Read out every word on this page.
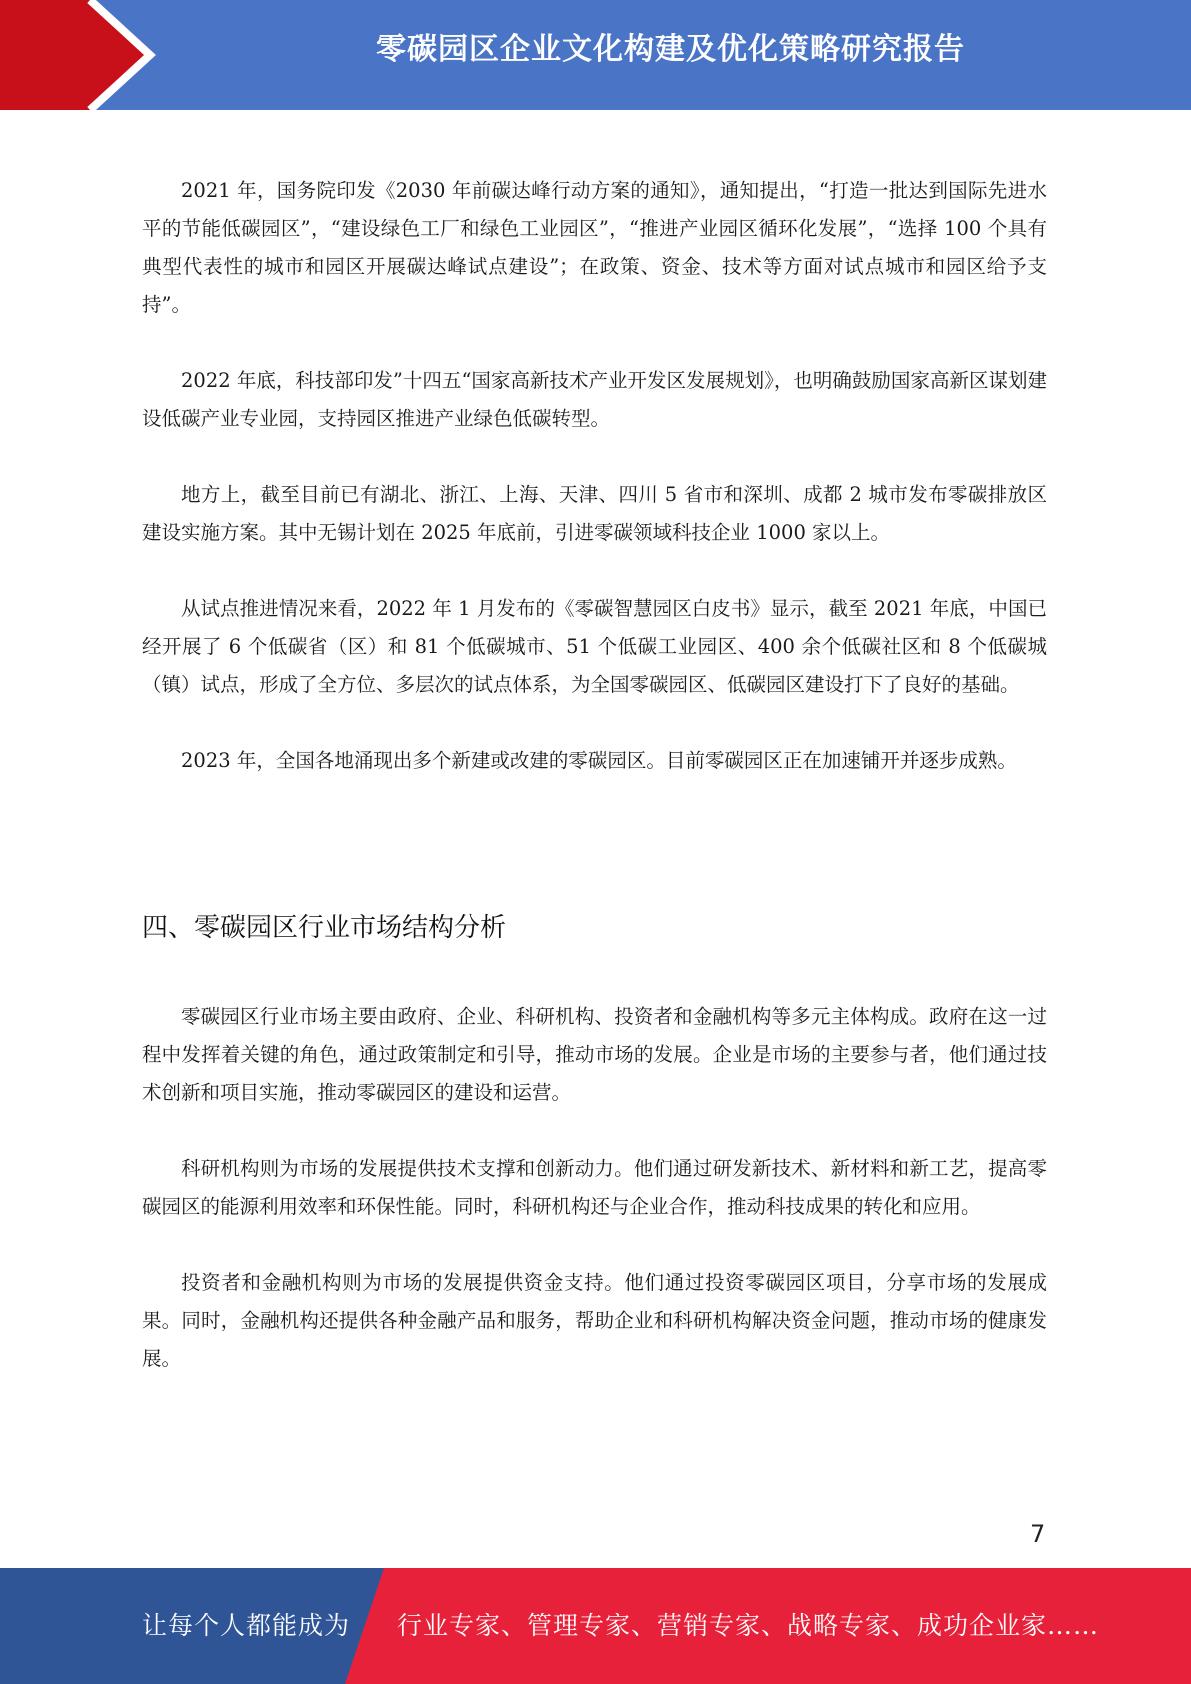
零碳园区企业文化构建及优化策略研究报告

2021 年，国务院印发《2030 年前碳达峰行动方案的通知》，通知提出，“打造一批达到国际先进水平的节能低碳园区”，“建设绿色工厂和绿色工业园区”，“推进产业园区循环化发展”，“选择 100 个具有典型代表性的城市和园区开展碳达峰试点建设”；在政策、资金、技术等方面对试点城市和园区给予支持”。

2022 年底，科技部印发”十四五“国家高新技术产业开发区发展规划》，也明确鼓励国家高新区谋划建设低碳产业专业园，支持园区推进产业绿色低碳转型。

地方上，截至目前已有湖北、浙江、上海、天津、四川 5 省市和深圳、成都 2 城市发布零碳排放区建设实施方案。其中无锡计划在 2025 年底前，引进零碳领域科技企业 1000 家以上。

从试点推进情况来看，2022 年 1 月发布的《零碳智慧园区白皮书》显示，截至 2021 年底，中国已经开展了 6 个低碳省（区）和 81 个低碳城市、51 个低碳工业园区、400 余个低碳社区和 8 个低碳城（镇）试点，形成了全方位、多层次的试点体系，为全国零碳园区、低碳园区建设打下了良好的基础。

2023 年，全国各地涌现出多个新建或改建的零碳园区。目前零碳园区正在加速铺开并逐步成熟。

四、零碳园区行业市场结构分析

零碳园区行业市场主要由政府、企业、科研机构、投资者和金融机构等多元主体构成。政府在这一过程中发挥着关键的角色，通过政策制定和引导，推动市场的发展。企业是市场的主要参与者，他们通过技术创新和项目实施，推动零碳园区的建设和运营。

科研机构则为市场的发展提供技术支撑和创新动力。他们通过研发新技术、新材料和新工艺，提高零碳园区的能源利用效率和环保性能。同时，科研机构还与企业合作，推动科技成果的转化和应用。

投资者和金融机构则为市场的发展提供资金支持。他们通过投资零碳园区项目，分享市场的发展成果。同时，金融机构还提供各种金融产品和服务，帮助企业和科研机构解决资金问题，推动市场的健康发展。

7
让每个人都能成为 行业专家、管理专家、营销专家、战略专家、成功企业家……
